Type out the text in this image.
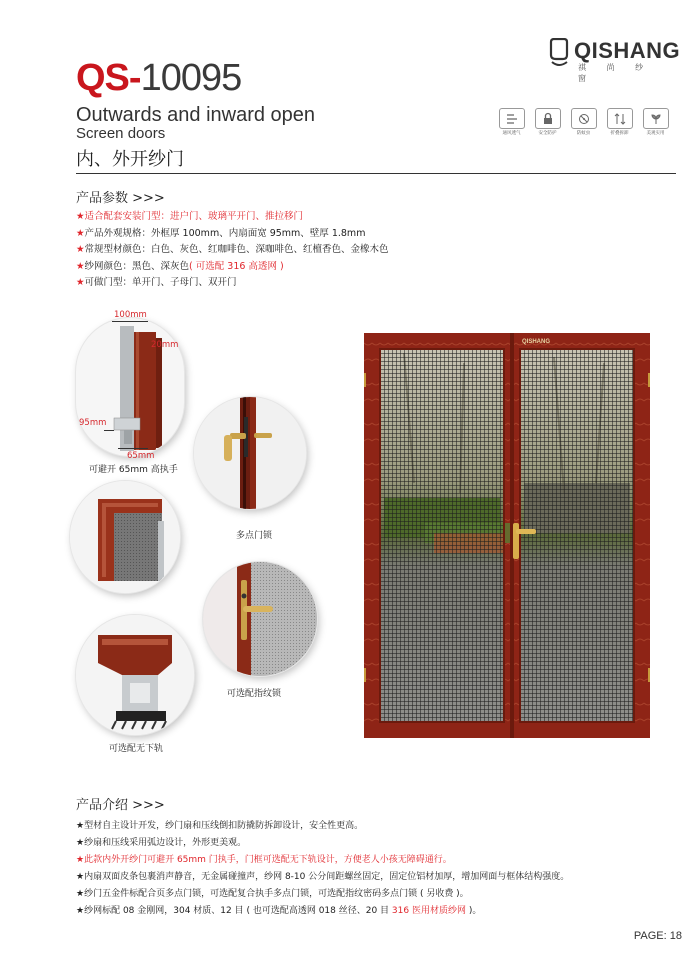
QISHANG
祺 尚 纱 窗
QS-10095
Outwards and inward open
Screen doors
内、外开纱门
通风透气	安全防护	防蚊虫	折叠拆卸	美观实用
产品参数 >>>
★适合配套安装门型：进户门、玻璃平开门、推拉移门
★产品外观规格：外框厚 100mm、内扇面宽 95mm、壁厚 1.8mm
★常规型材颜色：白色、灰色、红咖啡色、深咖啡色、红檀香色、金橡木色
★纱网颜色：黑色、深灰色( 可选配 316 高透网 )
★可做门型：单开门、子母门、双开门
100mm
20mm
95mm
65mm
可避开 65mm 高执手
多点门锁
可选配指纹锁
可选配无下轨
QISHANG
产品介绍 >>>
★型材自主设计开发，纱门扇和压线倒扣防撬防拆卸设计，安全性更高。
★纱扇和压线采用弧边设计，外形更美观。
★此款内外开纱门可避开 65mm 门执手，门框可选配无下轨设计，方便老人小孩无障碍通行。
★内扇双面皮条包裹消声静音，无金属碰撞声，纱网 8-10 公分间距螺丝固定，固定位铝材加厚，增加网面与框体结构强度。
★纱门五金件标配合页多点门锁，可选配复合执手多点门锁，可选配指纹密码多点门锁 ( 另收费 )。
★纱网标配 08 金刚网，304 材质、12 目 ( 也可选配高透网 018 丝径、20 目 316 医用材质纱网 )。
PAGE: 18
